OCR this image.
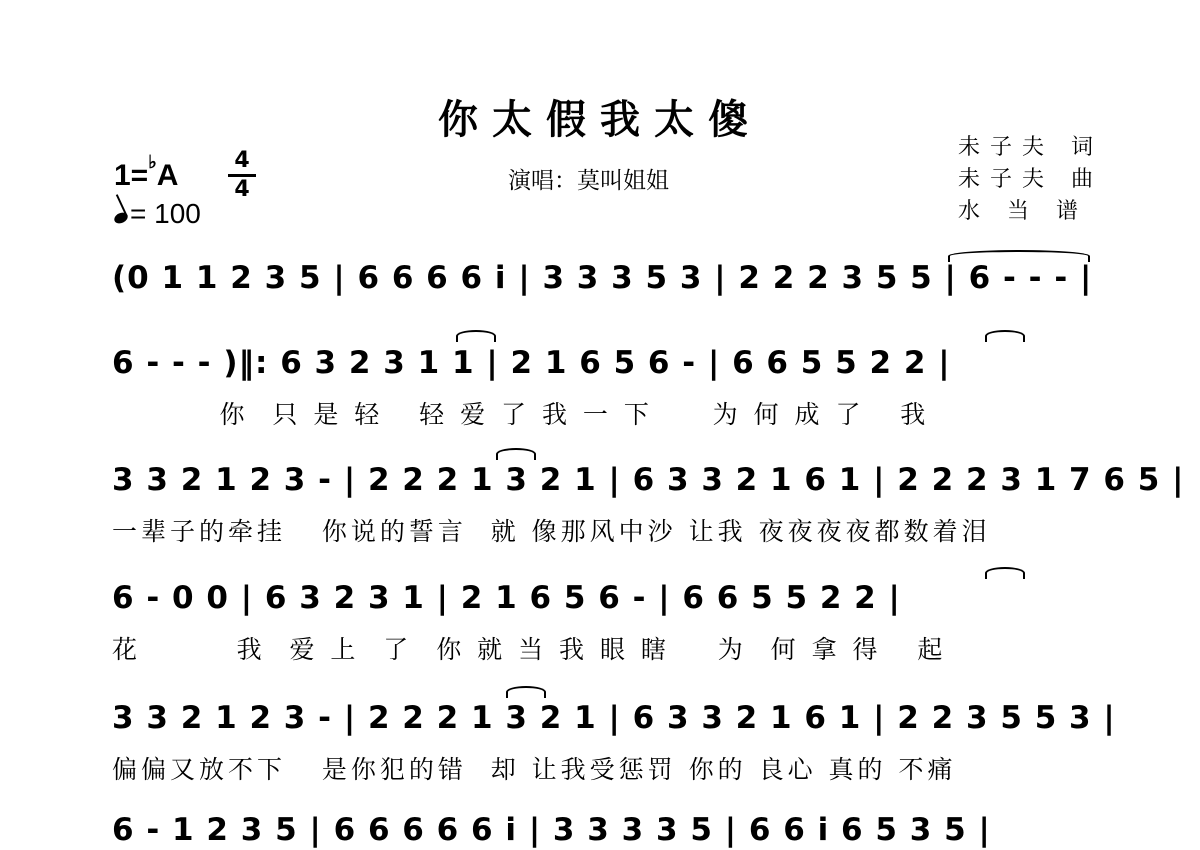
你太假我太傻
演唱：莫叫姐姐
未子夫 词
未子夫 曲
水 当 谱
1=♭A	4
4
= 100
(0 1 1 2 3 5 | 6 6 6 6 i | 3 3 3 5 3 | 2 2 2 3 5 5 | 6 - - - |
6 - - - )‖: 6 3 2 3 1 1 | 2 1 6 5 6 - | 6 6 5 5 2 2 |
你  只 是 轻   轻 爱 了 我 一 下     为 何 成 了   我
3 3 2 1 2 3 - | 2 2 2 1 3 2 1 | 6 3 3 2 1 6 1 | 2 2 2 3 1 7 6 5 |
一辈子的牵挂   你说的誓言  就 像那风中沙 让我 夜夜夜夜都数着泪
6 - 0 0 | 6 3 2 3 1 | 2 1 6 5 6 - | 6 6 5 5 2 2 |
花        我  爱 上  了  你 就 当 我 眼 瞎    为  何 拿 得   起
3 3 2 1 2 3 - | 2 2 2 1 3 2 1 | 6 3 3 2 1 6 1 | 2 2 3 5 5 3 |
偏偏又放不下   是你犯的错  却 让我受惩罚 你的 良心 真的 不痛
6 - 1 2 3 5 | 6 6 6 6 6 i | 3 3 3 3 5 | 6 6 i 6 5 3 5 |
